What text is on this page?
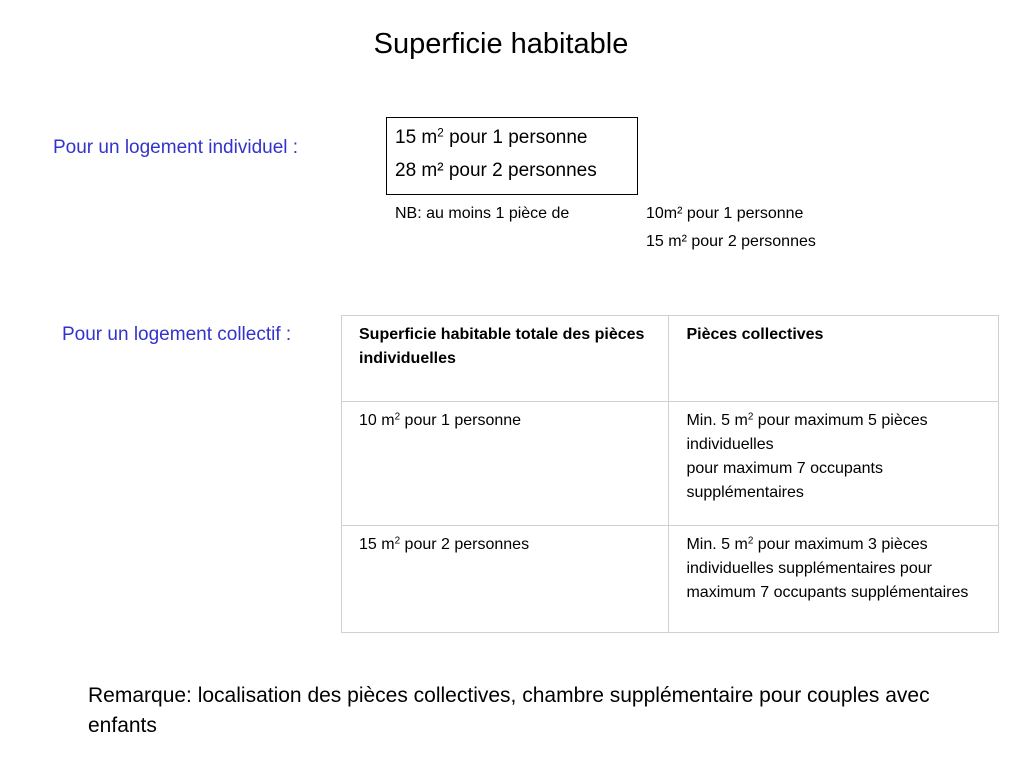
Superficie habitable
Pour un logement individuel :	15 $m^2$ pour 1 personne
28 m² pour 2 personnes
NB: au moins 1 pièce de	10m² pour 1 personne
15 m² pour 2 personnes
Pour un logement collectif :	Superficie habitable totale des pièces individuelles	Pièces collectives
10 $m^2$ pour 1 personne	Min. 5 $m^2$ pour maximum 5 pièces individuelles
pour maximum 7 occupants supplémentaires

15 $m^2$ pour 2 personnes	Min. 5 $m^2$ pour maximum 3 pièces individuelles supplémentaires pour maximum 7 occupants supplémentaires
Remarque: localisation des pièces collectives, chambre supplémentaire pour couples avec enfants
